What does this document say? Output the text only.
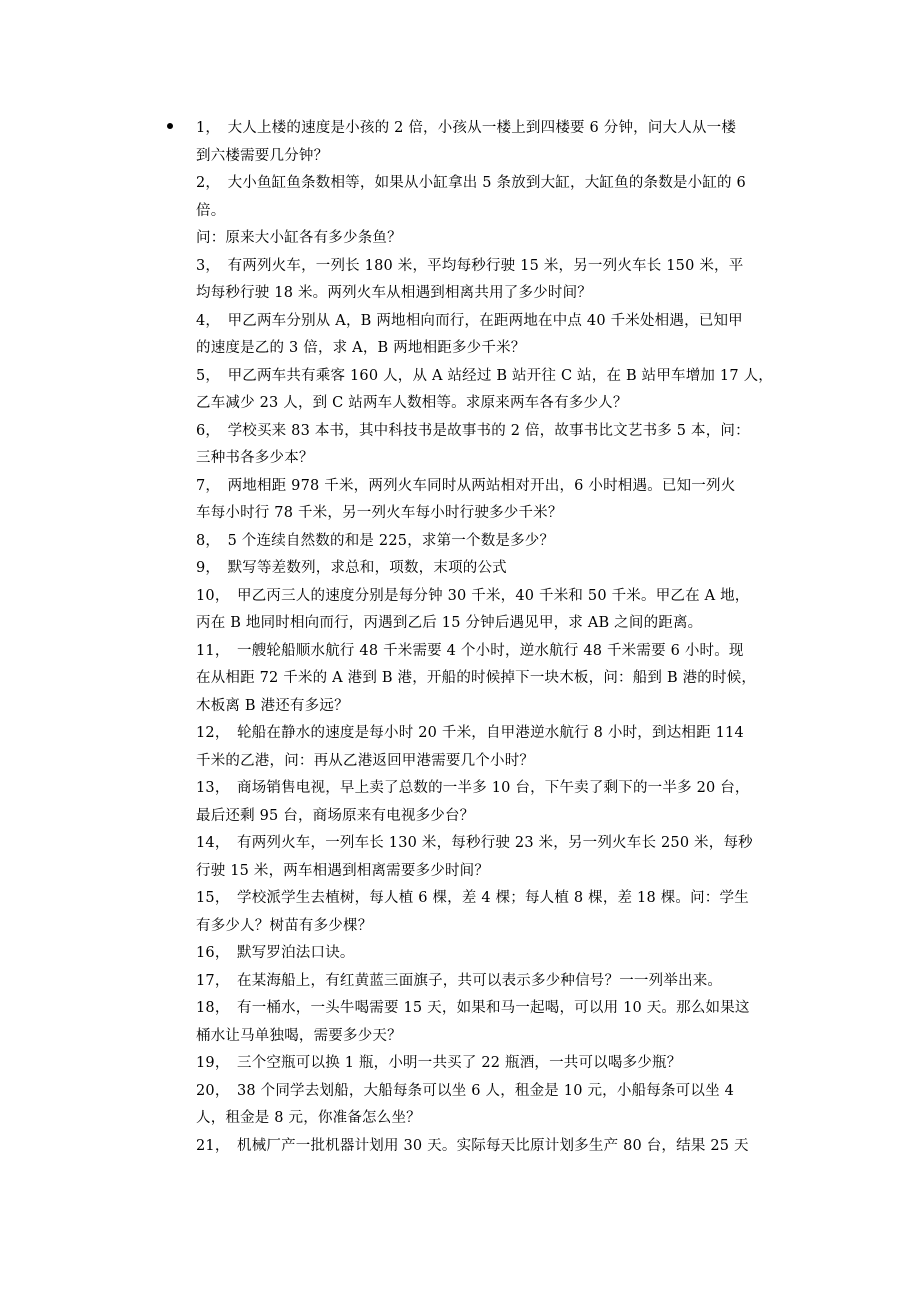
1，　大人上楼的速度是小孩的 2 倍，小孩从一楼上到四楼要 6 分钟，问大人从一楼
到六楼需要几分钟？
2，　大小鱼缸鱼条数相等，如果从小缸拿出 5 条放到大缸，大缸鱼的条数是小缸的 6
倍。
问：原来大小缸各有多少条鱼？
3，　有两列火车，一列长 180 米，平均每秒行驶 15 米，另一列火车长 150 米，平
均每秒行驶 18 米。两列火车从相遇到相离共用了多少时间？
4，　甲乙两车分别从 A，B 两地相向而行，在距两地在中点 40 千米处相遇，已知甲
的速度是乙的 3 倍，求 A，B 两地相距多少千米？
5，　甲乙两车共有乘客 160 人，从 A 站经过 B 站开往 C 站，在 B 站甲车增加 17 人，
乙车减少 23 人，到 C 站两车人数相等。求原来两车各有多少人？
6，　学校买来 83 本书，其中科技书是故事书的 2 倍，故事书比文艺书多 5 本，问：
三种书各多少本？
7，　两地相距 978 千米，两列火车同时从两站相对开出，6 小时相遇。已知一列火
车每小时行 78 千米，另一列火车每小时行驶多少千米？
8，　5 个连续自然数的和是 225，求第一个数是多少？
9，　默写等差数列，求总和，项数，末项的公式
10，　甲乙丙三人的速度分别是每分钟 30 千米，40 千米和 50 千米。甲乙在 A 地，
丙在 B 地同时相向而行，丙遇到乙后 15 分钟后遇见甲，求 AB 之间的距离。
11，　一艘轮船顺水航行 48 千米需要 4 个小时，逆水航行 48 千米需要 6 小时。现
在从相距 72 千米的 A 港到 B 港，开船的时候掉下一块木板，问：船到 B 港的时候，
木板离 B 港还有多远？
12，　轮船在静水的速度是每小时 20 千米，自甲港逆水航行 8 小时，到达相距 114
千米的乙港，问：再从乙港返回甲港需要几个小时？
13，　商场销售电视，早上卖了总数的一半多 10 台，下午卖了剩下的一半多 20 台，
最后还剩 95 台，商场原来有电视多少台？
14，　有两列火车，一列车长 130 米，每秒行驶 23 米，另一列火车长 250 米，每秒
行驶 15 米，两车相遇到相离需要多少时间？
15，　学校派学生去植树，每人植 6 棵，差 4 棵；每人植 8 棵，差 18 棵。问：学生
有多少人？树苗有多少棵？
16，　默写罗泊法口诀。
17，　在某海船上，有红黄蓝三面旗子，共可以表示多少种信号？一一列举出来。
18，　有一桶水，一头牛喝需要 15 天，如果和马一起喝，可以用 10 天。那么如果这
桶水让马单独喝，需要多少天？
19，　三个空瓶可以换 1 瓶，小明一共买了 22 瓶酒，一共可以喝多少瓶？
20，　38 个同学去划船，大船每条可以坐 6 人，租金是 10 元，小船每条可以坐 4
人，租金是 8 元，你准备怎么坐？
21，　机械厂产一批机器计划用 30 天。实际每天比原计划多生产 80 台，结果 25 天
